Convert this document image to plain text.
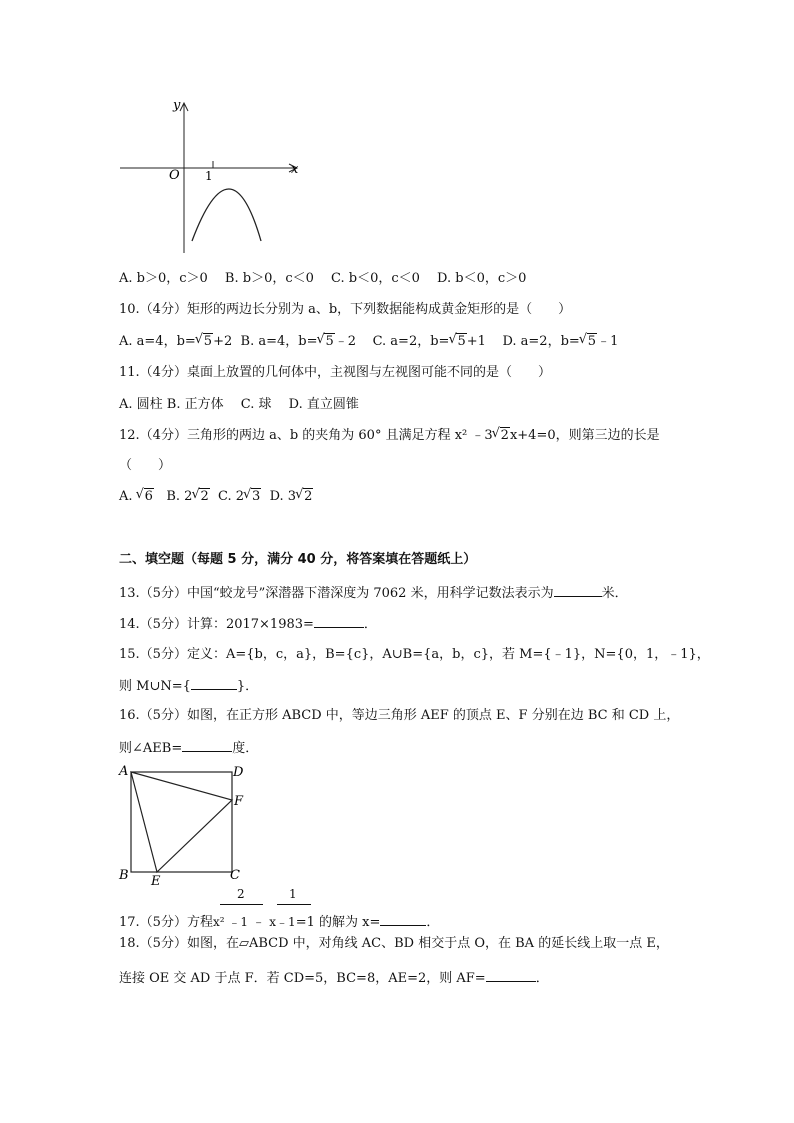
y
x
O 1
A. b＞0，c＞0　 B. b＞0，c＜0　 C. b＜0，c＜0　 D. b＜0，c＞0
10.（4分）矩形的两边长分别为 a、b，下列数据能构成黄金矩形的是（　　）
A. a=4，b= √ 5+2 B. a=4，b= √ 5﹣2 C. a=2，b= √ 5+1 D. a=2，b= √ 5﹣1
11.（4分）桌面上放置的几何体中，主视图与左视图可能不同的是（　　）
A. 圆柱 B. 正方体　 C. 球　 D. 直立圆锥
12.（4分）三角形的两边 a、b 的夹角为 60° 且满足方程 x² ﹣3 √ 2x+4=0，则第三边的长是
（　　）
A. √ 6 B. 2 √ 2 C. 2 √ 3 D. 3 √ 2
二、填空题（每题 5 分，满分 40 分，将答案填在答题纸上）
13.（5分）中国“蛟龙号”深潜器下潜深度为 7062 米，用科学记数法表示为	米．
14.（5分）计算：2017×1983=	．
15.（5分）定义：A={b，c，a}，B={c}，A∪B={a，b，c}，若 M={﹣1}，N={0，1，﹣1}，
则 M∪N={	}．
16.（5分）如图，在正方形 ABCD 中，等边三角形 AEF 的顶点 E、F 分别在边 BC 和 CD 上，
则∠AEB=	度．
A	D
F
B E	C
2	1
17.（5分）方程x² ﹣1 ﹣ x﹣1=1 的解为 x=	．
18.（5分）如图，在▱ABCD 中，对角线 AC、BD 相交于点 O，在 BA 的延长线上取一点 E，
连接 OE 交 AD 于点 F．若 CD=5，BC=8，AE=2，则 AF=	．
